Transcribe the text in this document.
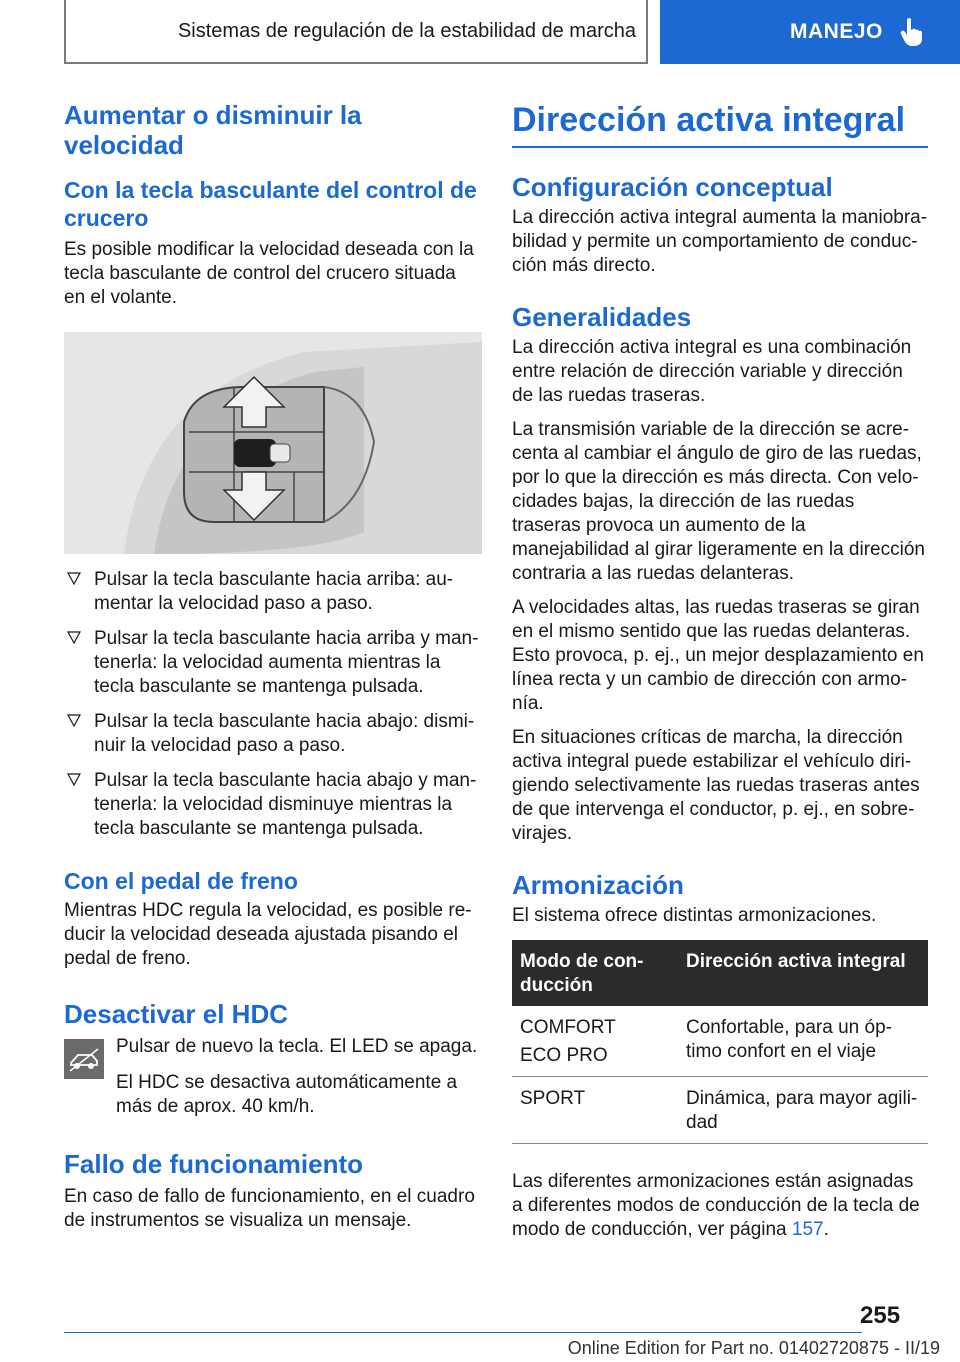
Sistemas de regulación de la estabilidad de marcha	MANEJO
Aumentar o disminuir la velocidad
Con la tecla basculante del control de crucero

Es posible modificar la velocidad deseada con la tecla basculante de control del crucero situada en el volante.

Pulsar la tecla basculante hacia arriba: au‐mentar la velocidad paso a paso.
Pulsar la tecla basculante hacia arriba y man‐tenerla: la velocidad aumenta mientras la tecla basculante se mantenga pulsada.
Pulsar la tecla basculante hacia abajo: dismi‐nuir la velocidad paso a paso.
Pulsar la tecla basculante hacia abajo y man‐tenerla: la velocidad disminuye mientras la tecla basculante se mantenga pulsada.
Con el pedal de freno

Mientras HDC regula la velocidad, es posible re‐ducir la velocidad deseada ajustada pisando el pedal de freno.

Desactivar el HDC

Pulsar de nuevo la tecla. El LED se apaga.

El HDC se desactiva automáticamente a más de aprox. 40 km/h.

Fallo de funcionamiento

En caso de fallo de funcionamiento, en el cuadro de instrumentos se visualiza un mensaje.

Dirección activa integral
Configuración conceptual

La dirección activa integral aumenta la maniobra‐bilidad y permite un comportamiento de conduc‐ción más directo.

Generalidades

La dirección activa integral es una combinación entre relación de dirección variable y dirección de las ruedas traseras.

La transmisión variable de la dirección se acre‐centa al cambiar el ángulo de giro de las ruedas, por lo que la dirección es más directa. Con velo‐cidades bajas, la dirección de las ruedas traseras provoca un aumento de la manejabilidad al girar ligeramente en la dirección contraria a las ruedas delanteras.

A velocidades altas, las ruedas traseras se giran en el mismo sentido que las ruedas delanteras. Esto provoca, p. ej., un mejor desplazamiento en línea recta y un cambio de dirección con armo‐nía.

En situaciones críticas de marcha, la dirección activa integral puede estabilizar el vehículo diri‐giendo selectivamente las ruedas traseras antes de que intervenga el conductor, p. ej., en sobre‐virajes.

Armonización

El sistema ofrece distintas armonizaciones.

Modo de con‐ducción	Dirección activa integral

COMFORT
ECO PRO	Confortable, para un óp‐timo confort en el viaje

SPORT	Dinámica, para mayor agili‐dad

Las diferentes armonizaciones están asignadas a diferentes modos de conducción de la tecla de modo de conducción, ver página 157.

255
Online Edition for Part no. 01402720875 - II/19
